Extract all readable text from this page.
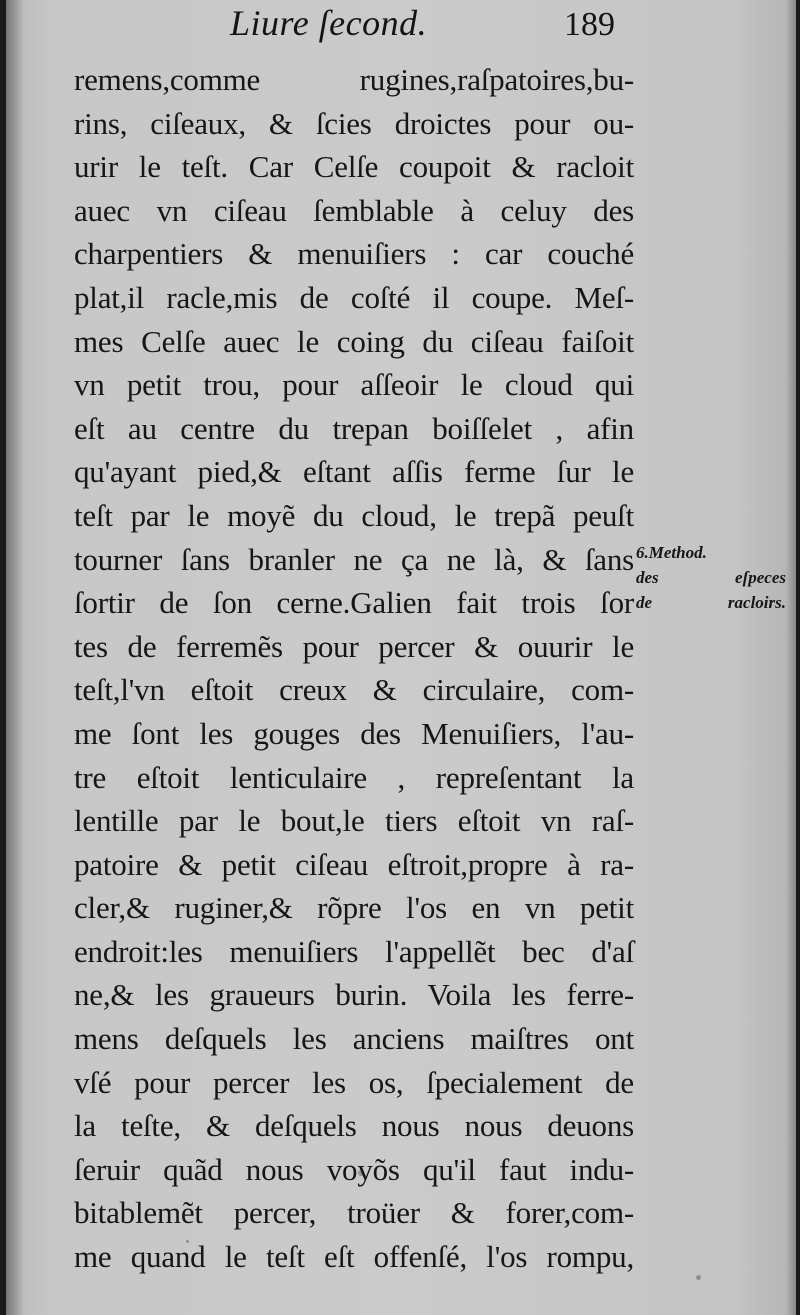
Liure ſecond.	189
remens,comme rugines,raſpatoires,bu-
rins, ciſeaux, & ſcies droictes pour ou-
urir le teſt. Car Celſe coupoit & racloit
auec vn ciſeau ſemblable à celuy des
charpentiers & menuiſiers : car couché
plat,il racle,mis de coſté il coupe. Meſ-
mes Celſe auec le coing du ciſeau faiſoit
vn petit trou, pour aſſeoir le cloud qui
eſt au centre du trepan boiſſelet , afin
qu'ayant pied,& eſtant aſſis ferme ſur le
teſt par le moyẽ du cloud, le trepã peuſt
tourner ſans branler ne ça ne là, & ſans
ſortir de ſon cerne.Galien fait trois ſor
tes de ferremẽs pour percer & ouurir le
teſt,l'vn eſtoit creux & circulaire, com-
me ſont les gouges des Menuiſiers, l'au-
tre eſtoit lenticulaire , repreſentant la
lentille par le bout,le tiers eſtoit vn raſ-
patoire & petit ciſeau eſtroit,propre à ra-
cler,& ruginer,& rõpre l'os en vn petit
endroit:les menuiſiers l'appellẽt bec d'aſ
ne,& les graueurs burin. Voila les ferre-
mens deſquels les anciens maiſtres ont
vſé pour percer les os, ſpecialement de
la teſte, & deſquels nous nous deuons
ſeruir quãd nous voyõs qu'il faut indu-
bitablemẽt percer, troüer & forer,com-
me quand le teſt eſt offenſé, l'os rompu,
6.Method.
des eſpeces
de racloirs.
